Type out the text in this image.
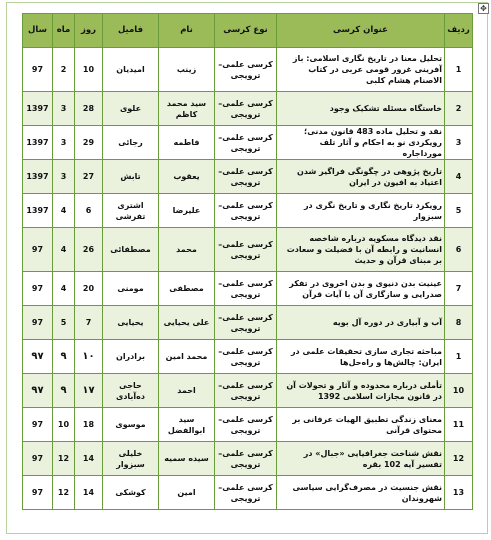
✥
ردیف	عنوان کرسی	نوع کرسی	نام	فامیل	روز	ماه	سال
1	تحلیل معنا در تاریخ نگاری اسلامی: باز آفرینی غرور قومی عربی در کتاب الاصنام هشام کلبی	کرسی علمی– ترویجی	زینب	امیدیان	10	2	97
2	خاستگاه مسئله تشکیک وجود	کرسی علمی– ترویجی	سید محمد کاظم	علوی	28	3	1397
3	نقد و تحلیل ماده 483 قانون مدنی؛ رویکردی نو به احکام و آثار تلف مورداجاره	کرسی علمی– ترویجی	فاطمه	رجائی	29	3	1397
4	تاریخ پژوهی در چگونگی فراگیر شدن اعتیاد به افیون در ایران	کرسی علمی– ترویجی	یعقوب	تابش	27	3	1397
5	رویکرد تاریخ نگاری و تاریخ نگری در سبزوار	کرسی علمی– ترویجی	علیرضا	اشتری تفرشی	6	4	1397
6	نقد دیدگاه مسکویه درباره شاخصه انسانیت و رابطه آن با فضیلت و سعادت بر مبنای قرآن و حدیث	کرسی علمی– ترویجی	محمد	مصطفائی	26	4	97
7	عینیت بدن دنیوی و بدن اخروی در تفکر صدرایی و سازگاری آن با آیات قرآن	کرسی علمی– ترویجی	مصطفی	مومنی	20	4	97
8	آب و آبیاری در دوره آل بویه	کرسی علمی– ترویجی	علی یحیایی	یحیایی	7	5	97
1	مباحثه تجاری سازی تحقیقات علمی در ایران: چالش‌ها و راه‌حل‌ها	کرسی علمی– ترویجی	محمد امین	برادران	۱۰	۹	۹۷
10	تأملی درباره محدوده و آثار و تحولات آن در قانون مجازات اسلامی 1392	کرسی علمی– ترویجی	احمد	حاجی ده‌آبادی	۱۷	۹	۹۷
11	معنای زندگی تطبیق الهیات عرفانی بر محتوای قرآنی	کرسی علمی– ترویجی	سید ابوالفضل	موسوی	18	10	97
12	نقش شناخت جغرافیایی «جبال» در تفسیر آیه 102 بقره	کرسی علمی– ترویجی	سیده سمیه	خلیلی سبزوار	14	12	97
13	نقش جنسیت در مصرف‌گرایی سیاسی شهروندان	کرسی علمی– ترویجی	امین	کوشکی	14	12	97
